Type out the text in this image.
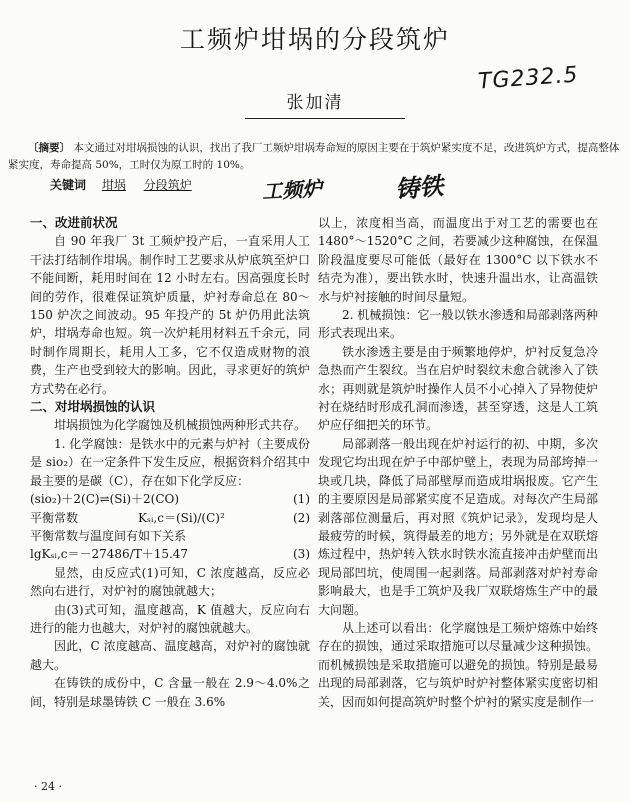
工频炉坩埚的分段筑炉
TG232.5
张加清
〔摘要〕 本文通过对坩埚损蚀的认识，找出了我厂工频炉坩埚寿命短的原因主要在于筑炉紧实度不足，改进筑炉方式，提高整体紧实度，寿命提高 50%，工时仅为原工时的 10%。
关键词 坩埚 分段筑炉	工频炉	铸铁
一、改进前状况

自 90 年我厂 3t 工频炉投产后，一直采用人工干法打结制作坩埚。制作时工艺要求从炉底筑至炉口不能间断，耗用时间在 12 小时左右。因高强度长时间的劳作，很难保证筑炉质量，炉衬寿命总在 80～150 炉次之间波动。95 年投产的 5t 炉仍用此法筑炉，坩埚寿命也短。筑一次炉耗用材料五千余元，同时制作周期长，耗用人工多，它不仅造成财物的浪费，生产也受到较大的影响。因此，寻求更好的筑炉方式势在必行。

二、对坩埚损蚀的认识

坩埚损蚀为化学腐蚀及机械损蚀两种形式共存。

1. 化学腐蚀：是铁水中的元素与炉衬（主要成份是 sio₂）在一定条件下发生反应，根据资料介绍其中最主要的是碳（C），存在如下化学反应：

(sio₂)＋2(C)⇌(Si)＋2(CO)	(1)

平衡常数　　　　　Kₛᵢ,c＝(Si)/(C)²	(2)

平衡常数与温度间有如下关系

lgKₛᵢ,c＝－27486/T＋15.47	(3)

显然，由反应式(1)可知，C 浓度越高，反应必然向右进行，对炉衬的腐蚀就越大；

由(3)式可知，温度越高，K 值越大，反应向右进行的能力也越大，对炉衬的腐蚀就越大。

因此，C 浓度越高、温度越高，对炉衬的腐蚀就越大。

在铸铁的成份中，C 含量一般在 2.9～4.0%之间，特别是球墨铸铁 C 一般在 3.6%

以上，浓度相当高，而温度出于对工艺的需要也在 1480°～1520°C 之间，若要减少这种腐蚀，在保温阶段温度要尽可能低（最好在 1300°C 以下铁水不结壳为准），要出铁水时，快速升温出水，让高温铁水与炉衬接触的时间尽量短。

2. 机械损蚀：它一般以铁水渗透和局部剥落两种形式表现出来。

铁水渗透主要是由于频繁地停炉，炉衬反复急冷急热而产生裂纹。当在启炉时裂纹未愈合就渗入了铁水；再则就是筑炉时操作人员不小心掉入了异物使炉衬在烧结时形成孔洞而渗透，甚至穿透，这是人工筑炉应仔细把关的环节。

局部剥落一般出现在炉衬运行的初、中期，多次发现它均出现在炉子中部炉壁上，表现为局部垮掉一块或几块，降低了局部壁厚而造成坩埚报废。它产生的主要原因是局部紧实度不足造成。对每次产生局部剥落部位测量后，再对照《筑炉记录》，发现均是人最疲劳的时候，筑得最差的地方；另外就是在双联熔炼过程中，热炉转入铁水时铁水流直接冲击炉壁而出现局部凹坑，使周围一起剥落。局部剥落对炉衬寿命影响最大，也是手工筑炉及我厂双联熔炼生产中的最大问题。

从上述可以看出：化学腐蚀是工频炉熔炼中始终存在的损蚀，通过采取措施可以尽量减少这种损蚀。而机械损蚀是采取措施可以避免的损蚀。特别是最易出现的局部剥落，它与筑炉时炉衬整体紧实度密切相关，因而如何提高筑炉时整个炉衬的紧实度是制作一

· 24 ·
